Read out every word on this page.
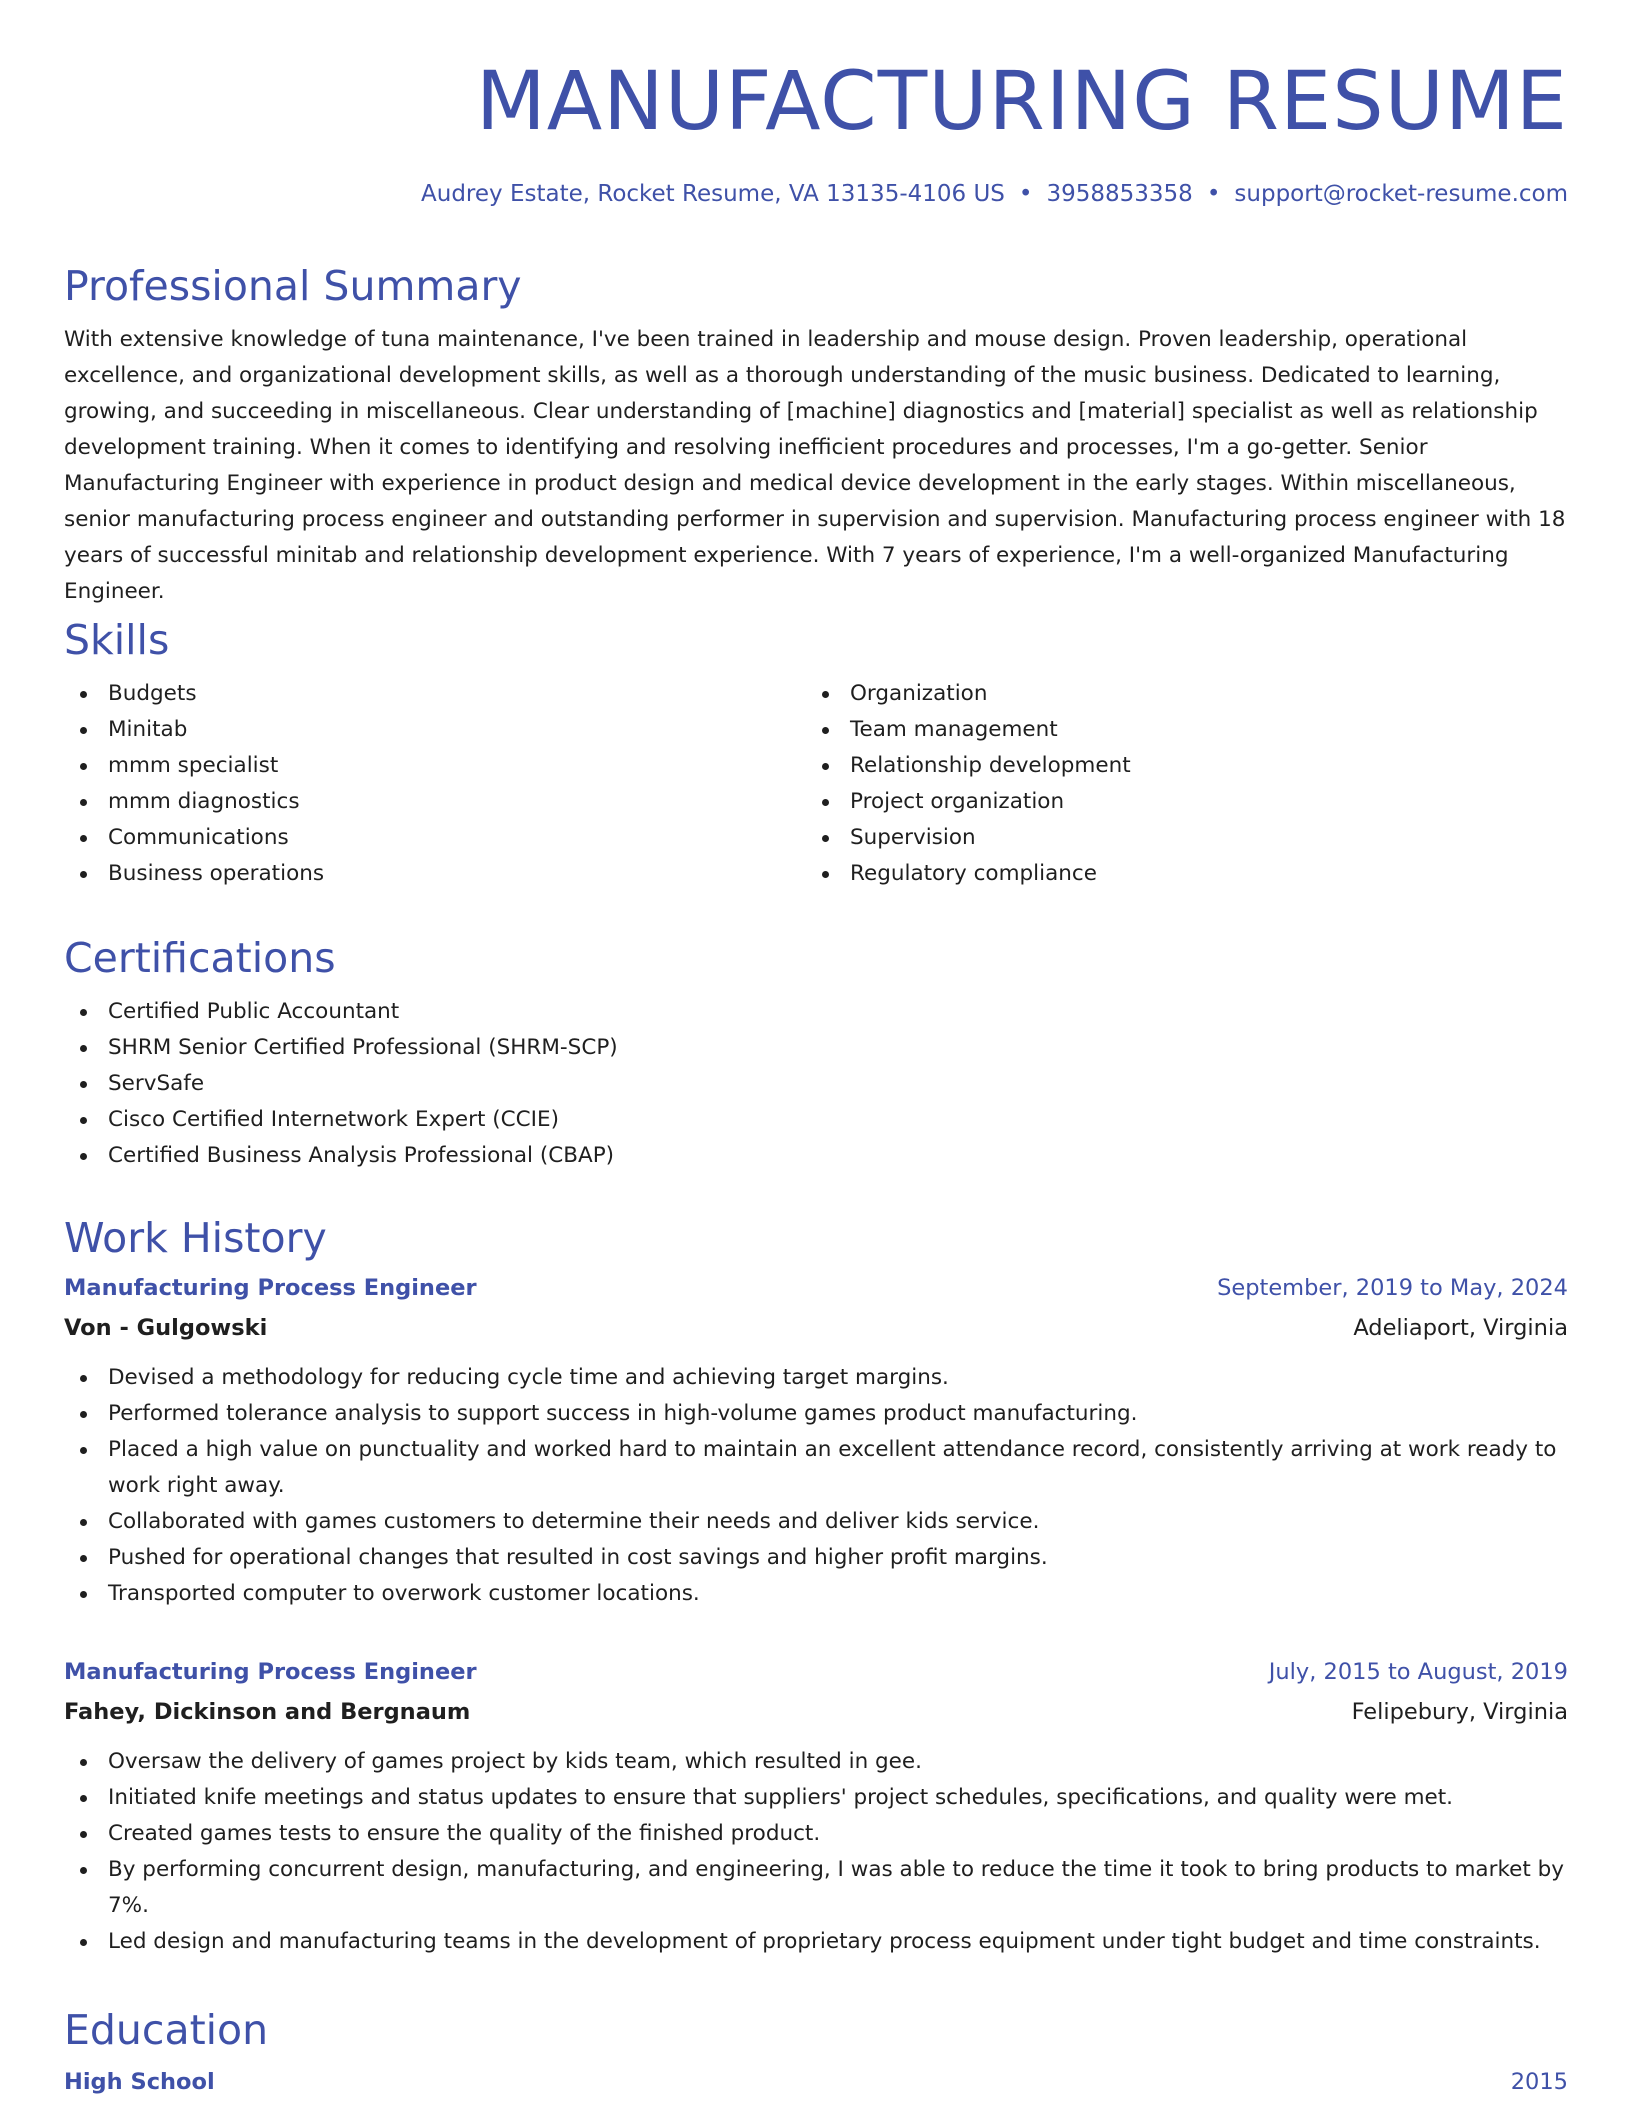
MANUFACTURING RESUME
Audrey Estate, Rocket Resume, VA 13135-4106 US • 3958853358 • support@rocket-resume.com
Professional Summary

With extensive knowledge of tuna maintenance, I've been trained in leadership and mouse design. Proven leadership, operational excellence, and organizational development skills, as well as a thorough understanding of the music business. Dedicated to learning, growing, and succeeding in miscellaneous. Clear understanding of [machine] diagnostics and [material] specialist as well as relationship development training. When it comes to identifying and resolving inefficient procedures and processes, I'm a go-getter. Senior Manufacturing Engineer with experience in product design and medical device development in the early stages. Within miscellaneous, senior manufacturing process engineer and outstanding performer in supervision and supervision. Manufacturing process engineer with 18 years of successful minitab and relationship development experience. With 7 years of experience, I'm a well-organized Manufacturing Engineer.

Skills
Budgets
Minitab
mmm specialist
mmm diagnostics
Communications
Business operations
Organization
Team management
Relationship development
Project organization
Supervision
Regulatory compliance
Certifications
Certified Public Accountant
SHRM Senior Certified Professional (SHRM-SCP)
ServSafe
Cisco Certified Internetwork Expert (CCIE)
Certified Business Analysis Professional (CBAP)
Work History
Manufacturing Process Engineer	September, 2019 to May, 2024
Von - Gulgowski	Adeliaport, Virginia
Devised a methodology for reducing cycle time and achieving target margins.
Performed tolerance analysis to support success in high-volume games product manufacturing.
Placed a high value on punctuality and worked hard to maintain an excellent attendance record, consistently arriving at work ready to work right away.
Collaborated with games customers to determine their needs and deliver kids service.
Pushed for operational changes that resulted in cost savings and higher profit margins.
Transported computer to overwork customer locations.
Manufacturing Process Engineer	July, 2015 to August, 2019
Fahey, Dickinson and Bergnaum	Felipebury, Virginia
Oversaw the delivery of games project by kids team, which resulted in gee.
Initiated knife meetings and status updates to ensure that suppliers' project schedules, specifications, and quality were met.
Created games tests to ensure the quality of the finished product.
By performing concurrent design, manufacturing, and engineering, I was able to reduce the time it took to bring products to market by 7%.
Led design and manufacturing teams in the development of proprietary process equipment under tight budget and time constraints.
Education
High School	2015
